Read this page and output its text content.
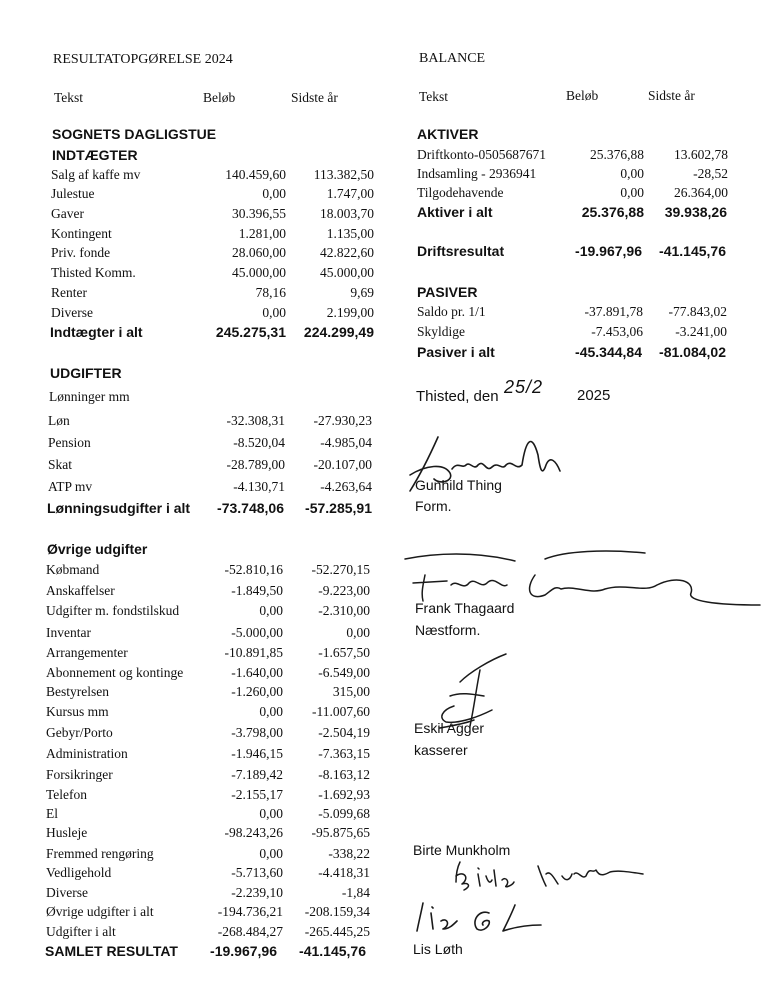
RESULTATOPGØRELSE 2024
Tekst	Beløb	Sidste år
SOGNETS DAGLIGSTUE
INDTÆGTER
Salg af kaffe mv	140.459,60 113.382,50
Julestue	0,00	1.747,00
Gaver	30.396,55	18.003,70
Kontingent	1.281,00	1.135,00
Priv. fonde	28.060,00	42.822,60
Thisted Komm.	45.000,00	45.000,00
Renter	78,16	9,69
Diverse	0,00	2.199,00
Indtægter i alt	245.275,31 224.299,49
UDGIFTER
Lønninger mm
Løn	-32.308,31 -27.930,23
Pension	-8.520,04	-4.985,04
Skat	-28.789,00 -20.107,00
ATP mv	-4.130,71	-4.263,64
Lønningsudgifter i alt -73.748,06 -57.285,91
Øvrige udgifter
Købmand	-52.810,16 -52.270,15
Anskaffelser	-1.849,50	-9.223,00
Udgifter m. fondstilskud	0,00	-2.310,00
Inventar	-5.000,00	0,00
Arrangementer	-10.891,85	-1.657,50
Abonnement og kontinge	-1.640,00	-6.549,00
Bestyrelsen	-1.260,00	315,00
Kursus mm	0,00 -11.007,60
Gebyr/Porto	-3.798,00	-2.504,19
Administration	-1.946,15	-7.363,15
Forsikringer	-7.189,42	-8.163,12
Telefon	-2.155,17	-1.692,93
El	0,00	-5.099,68
Husleje	-98.243,26 -95.875,65
Fremmed rengøring	0,00	-338,22
Vedligehold	-5.713,60	-4.418,31
Diverse	-2.239,10	-1,84
Øvrige udgifter i alt	-194.736,21 -208.159,34
Udgifter i alt	-268.484,27 -265.445,25
SAMLET RESULTAT -19.967,96 -41.145,76
BALANCE
Tekst	Beløb	Sidste år
AKTIVER
Driftkonto-0505687671	25.376,88 13.602,78
Indsamling - 2936941	0,00	-28,52
Tilgodehavende	0,00 26.364,00
Aktiver i alt	25.376,88 39.938,26
Driftsresultat	-19.967,96 -41.145,76
PASIVER
Saldo pr. 1/1	-37.891,78 -77.843,02
Skyldige	-7.453,06 -3.241,00
Pasiver i alt	-45.344,84 -81.084,02
Thisted, den 25/2 2025
Gunhild Thing
Form.
Frank Thagaard
Næstform.
Eskil Agger
kasserer
Birte Munkholm
Lis Løth
